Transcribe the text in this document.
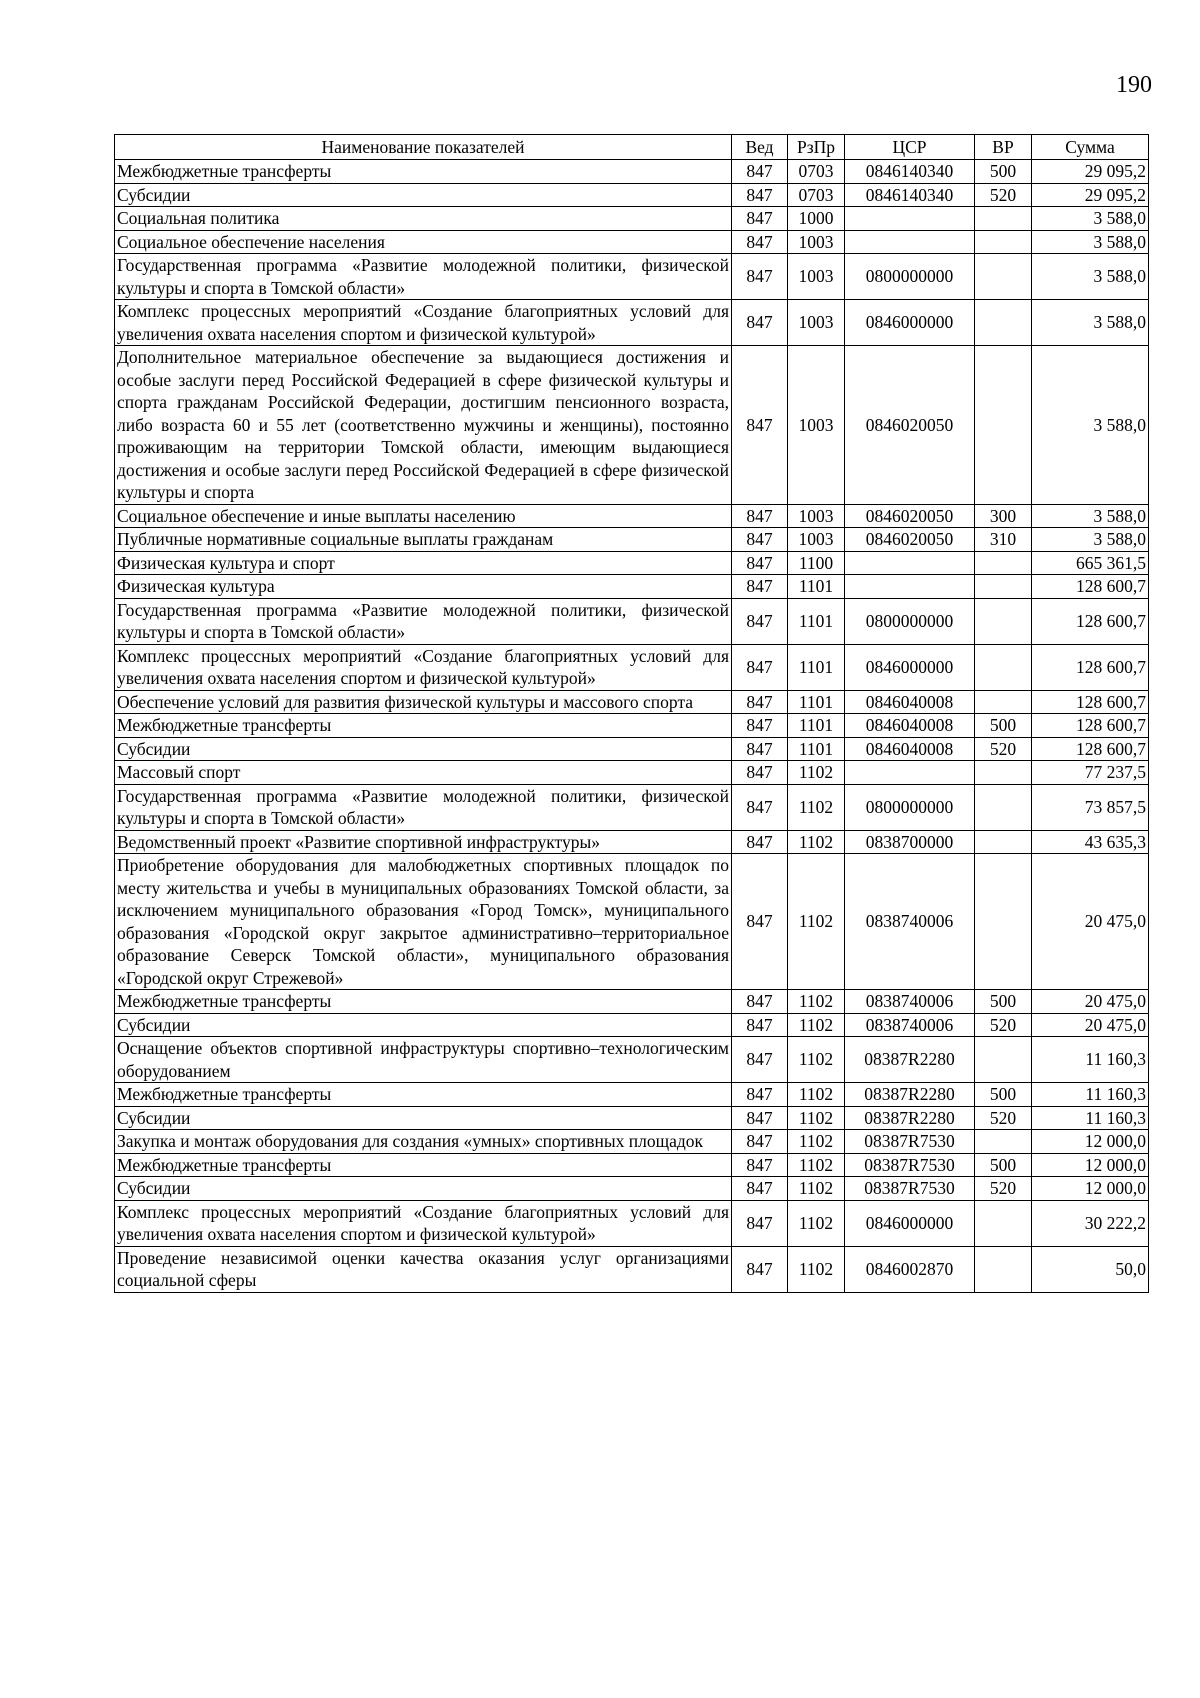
190
Наименование показателей	Вед	РзПр	ЦСР	ВР	Сумма
Межбюджетные трансферты	847	0703	0846140340	500	29 095,2
Субсидии	847	0703	0846140340	520	29 095,2
Социальная политика	847	1000			3 588,0
Социальное обеспечение населения	847	1003			3 588,0
Государственная программа «Развитие молодежной политики, физической культуры и спорта в Томской области»	847	1003	0800000000		3 588,0
Комплекс процессных мероприятий «Создание благоприятных условий для увеличения охвата населения спортом и физической культурой»	847	1003	0846000000		3 588,0
Дополнительное материальное обеспечение за выдающиеся достижения и особые заслуги перед Российской Федерацией в сфере физической культуры и спорта гражданам Российской Федерации, достигшим пенсионного возраста, либо возраста 60 и 55 лет (соответственно мужчины и женщины), постоянно проживающим на территории Томской области, имеющим выдающиеся достижения и особые заслуги перед Российской Федерацией в сфере физической культуры и спорта	847	1003	0846020050		3 588,0
Социальное обеспечение и иные выплаты населению	847	1003	0846020050	300	3 588,0
Публичные нормативные социальные выплаты гражданам	847	1003	0846020050	310	3 588,0
Физическая культура и спорт	847	1100			665 361,5
Физическая культура	847	1101			128 600,7
Государственная программа «Развитие молодежной политики, физической культуры и спорта в Томской области»	847	1101	0800000000		128 600,7
Комплекс процессных мероприятий «Создание благоприятных условий для увеличения охвата населения спортом и физической культурой»	847	1101	0846000000		128 600,7
Обеспечение условий для развития физической культуры и массового спорта	847	1101	0846040008		128 600,7
Межбюджетные трансферты	847	1101	0846040008	500	128 600,7
Субсидии	847	1101	0846040008	520	128 600,7
Массовый спорт	847	1102			77 237,5
Государственная программа «Развитие молодежной политики, физической культуры и спорта в Томской области»	847	1102	0800000000		73 857,5
Ведомственный проект «Развитие спортивной инфраструктуры»	847	1102	0838700000		43 635,3
Приобретение оборудования для малобюджетных спортивных площадок по месту жительства и учебы в муниципальных образованиях Томской области, за исключением муниципального образования «Город Томск», муниципального образования «Городской округ закрытое административно–территориальное образование Северск Томской области», муниципального образования «Городской округ Стрежевой»	847	1102	0838740006		20 475,0
Межбюджетные трансферты	847	1102	0838740006	500	20 475,0
Субсидии	847	1102	0838740006	520	20 475,0
Оснащение объектов спортивной инфраструктуры спортивно–технологическим оборудованием	847	1102	08387R2280		11 160,3
Межбюджетные трансферты	847	1102	08387R2280	500	11 160,3
Субсидии	847	1102	08387R2280	520	11 160,3
Закупка и монтаж оборудования для создания «умных» спортивных площадок	847	1102	08387R7530		12 000,0
Межбюджетные трансферты	847	1102	08387R7530	500	12 000,0
Субсидии	847	1102	08387R7530	520	12 000,0
Комплекс процессных мероприятий «Создание благоприятных условий для увеличения охвата населения спортом и физической культурой»	847	1102	0846000000		30 222,2
Проведение независимой оценки качества оказания услуг организациями социальной сферы	847	1102	0846002870		50,0
